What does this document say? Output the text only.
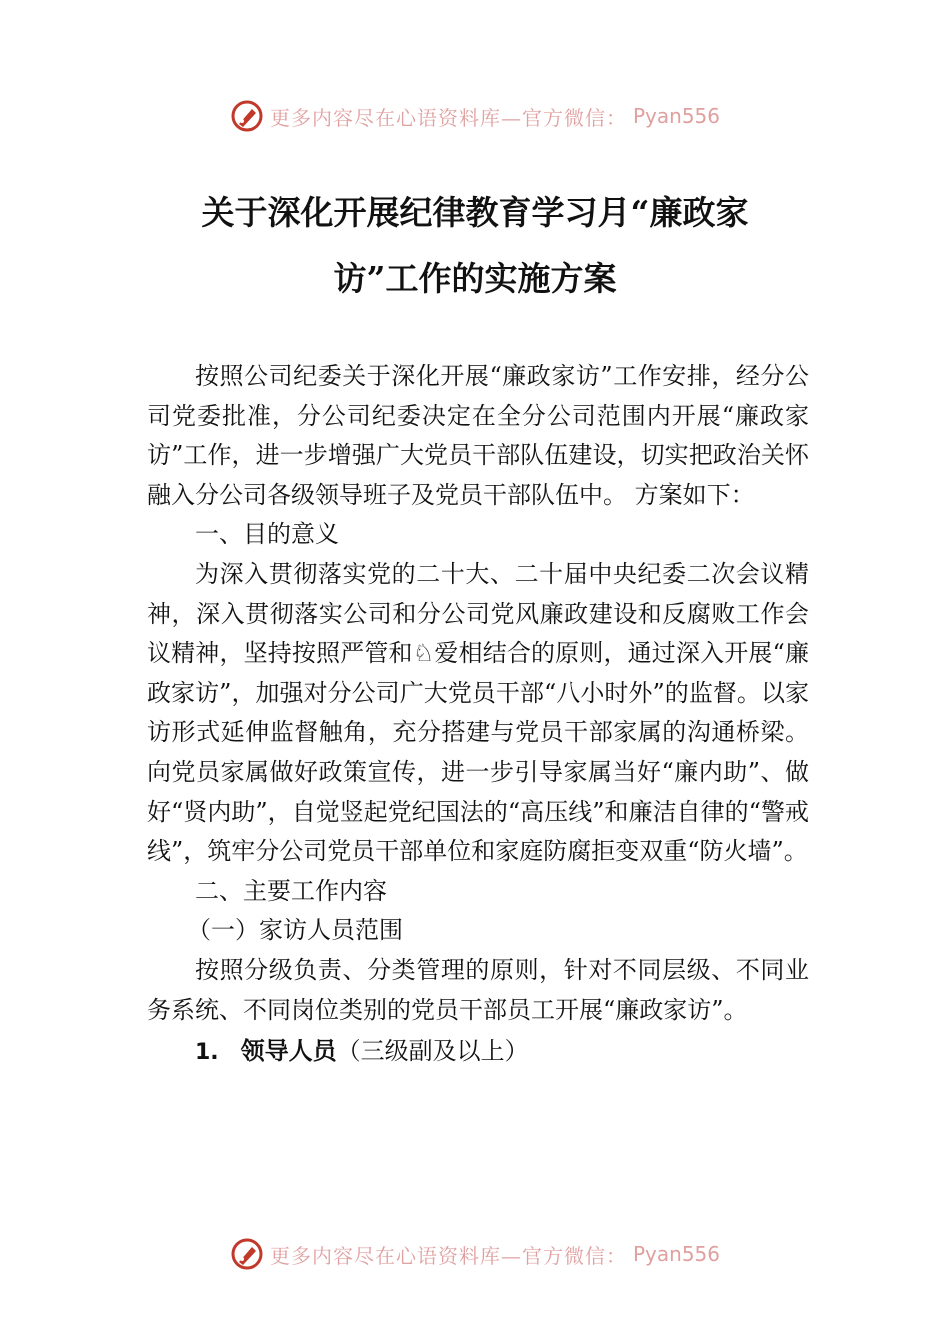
更多内容尽在心语资料库—官方微信： Pyan556
关于深化开展纪律教育学习月“廉政家
访”工作的实施方案

按照公司纪委关于深化开展“廉政家访”工作安排，经分公司党委批准，分公司纪委决定在全分公司范围内开展“廉政家访”工作，进一步增强广大党员干部队伍建设，切实把政治关怀融入分公司各级领导班子及党员干部队伍中。 方案如下：

一、目的意义

为深入贯彻落实党的二十大、二十届中央纪委二次会议精神，深入贯彻落实公司和分公司党风廉政建设和反腐败工作会议精神，坚持按照严管和♘爱相结合的原则，通过深入开展“廉政家访”，加强对分公司广大党员干部“八小时外”的监督。以家访形式延伸监督触角，充分搭建与党员干部家属的沟通桥梁。向党员家属做好政策宣传，进一步引导家属当好“廉内助”、做好“贤内助”，自觉竖起党纪国法的“高压线”和廉洁自律的“警戒线”，筑牢分公司党员干部单位和家庭防腐拒变双重“防火墙”。

二、主要工作内容

（一）家访人员范围

按照分级负责、分类管理的原则，针对不同层级、不同业务系统、不同岗位类别的党员干部员工开展“廉政家访”。

1. 领导人员（三级副及以上）

更多内容尽在心语资料库—官方微信： Pyan556
